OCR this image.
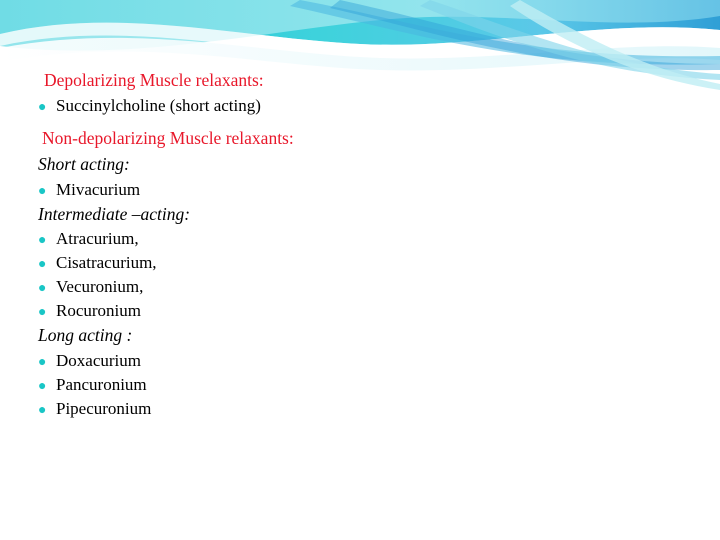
Depolarizing Muscle relaxants:
● Succinylcholine (short acting)
Non-depolarizing Muscle relaxants:
Short acting:
● Mivacurium
Intermediate –acting:
● Atracurium,
● Cisatracurium,
● Vecuronium,
● Rocuronium
Long acting :
● Doxacurium
● Pancuronium
● Pipecuronium
